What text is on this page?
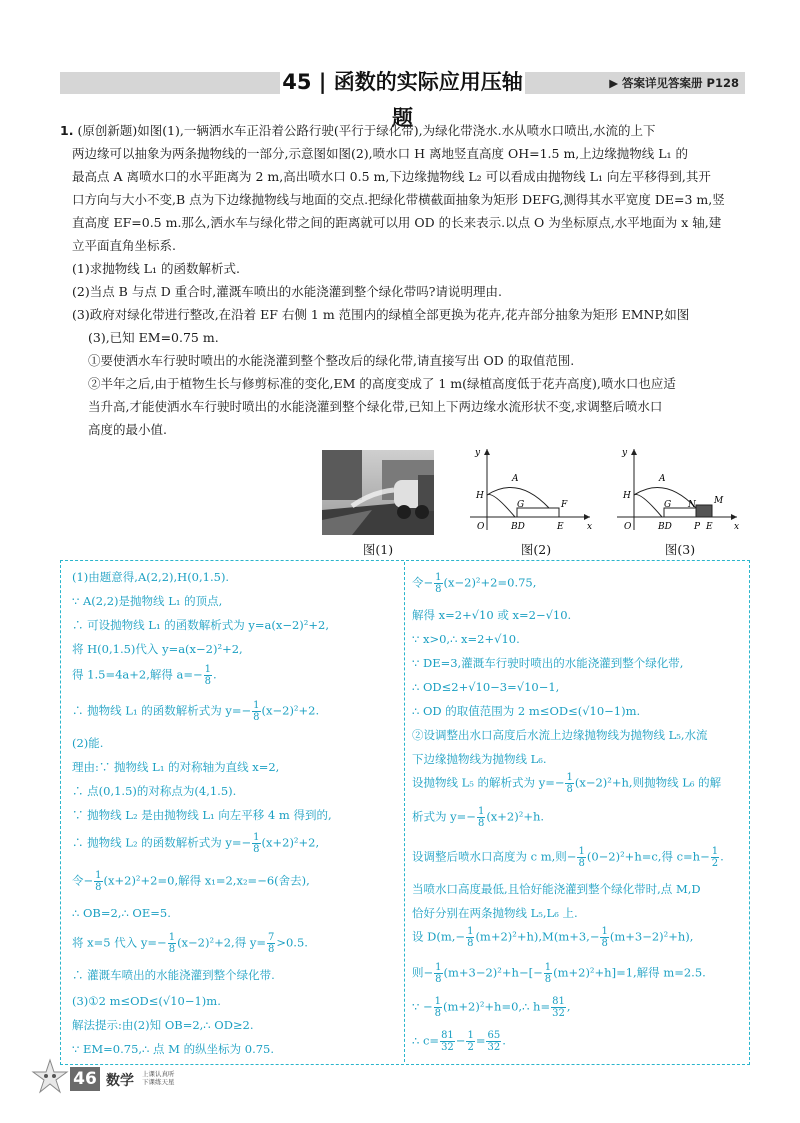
45 | 函数的实际应用压轴题
▶ 答案详见答案册 P128
1. (原创新题)如图(1),一辆洒水车正沿着公路行驶(平行于绿化带),为绿化带浇水.水从喷水口喷出,水流的上下
两边缘可以抽象为两条抛物线的一部分,示意图如图(2),喷水口 H 离地竖直高度 OH=1.5 m,上边缘抛物线 L₁ 的
最高点 A 离喷水口的水平距离为 2 m,高出喷水口 0.5 m,下边缘抛物线 L₂ 可以看成由抛物线 L₁ 向左平移得到,其开
口方向与大小不变,B 点为下边缘抛物线与地面的交点.把绿化带横截面抽象为矩形 DEFG,测得其水平宽度 DE=3 m,竖
直高度 EF=0.5 m.那么,洒水车与绿化带之间的距离就可以用 OD 的长来表示.以点 O 为坐标原点,水平地面为 x 轴,建
立平面直角坐标系.
(1)求抛物线 L₁ 的函数解析式.
(2)当点 B 与点 D 重合时,灌溉车喷出的水能浇灌到整个绿化带吗?请说明理由.
(3)政府对绿化带进行整改,在沿着 EF 右侧 1 m 范围内的绿植全部更换为花卉,花卉部分抽象为矩形 EMNP,如图
(3),已知 EM=0.75 m.
①要使洒水车行驶时喷出的水能浇灌到整个整改后的绿化带,请直接写出 OD 的取值范围.
②半年之后,由于植物生长与修剪标准的变化,EM 的高度变成了 1 m(绿植高度低于花卉高度),喷水口也应适
当升高,才能使洒水车行驶时喷出的水能浇灌到整个绿化带,已知上下两边缘水流形状不变,求调整后喷水口
高度的最小值.
图(1)
y
x
O
H
A
G	F
BD	E
图(2)
y
x
O
H
A
G N M
BD P E
图(3)
(1)由题意得,A(2,2),H(0,1.5).
∵ A(2,2)是抛物线 L₁ 的顶点,
∴ 可设抛物线 L₁ 的函数解析式为 y=a(x−2)²+2,
将 H(0,1.5)代入 y=a(x−2)²+2,
得 1.5=4a+2,解得 $a=- \frac{1}{8}$ .
∴ 抛物线 L₁ 的函数解析式为 $y=- \frac{1}{8} (x-2)^2+2$.
(2)能.
理由:∵ 抛物线 L₁ 的对称轴为直线 x=2,
∴ 点(0,1.5)的对称点为(4,1.5).
∵ 抛物线 L₂ 是由抛物线 L₁ 向左平移 4 m 得到的,
∴ 抛物线 L₂ 的函数解析式为 $y=- \frac{1}{8} (x+2)^2+2$,
令− $\frac{1}{8} (x+2)^2+2=0$,解得 x₁=2,x₂=−6(舍去),
∴ OB=2,∴ OE=5.
将 x=5 代入 $y=- \frac{1}{8} (x-2)^2+2$,得 $y= \frac{7}{8} >0.5$.
∴ 灌溉车喷出的水能浇灌到整个绿化带.
(3)①2 m≤OD≤(√10−1)m.
解法提示:由(2)知 OB=2,∴ OD≥2.
∵ EM=0.75,∴ 点 M 的纵坐标为 0.75.
令− $\frac{1}{8} (x-2)^2+2=0.75$,
解得 x=2+√10 或 x=2−√10.
∵ x>0,∴ x=2+√10.
∵ DE=3,灌溉车行驶时喷出的水能浇灌到整个绿化带,
∴ OD≤2+√10−3=√10−1,
∴ OD 的取值范围为 2 m≤OD≤(√10−1)m.
②设调整出水口高度后水流上边缘抛物线为抛物线 L₅,水流
下边缘抛物线为抛物线 L₆.
设抛物线 L₅ 的解析式为 $y=- \frac{1}{8} (x-2)^2+h$,则抛物线 L₆ 的解
析式为 $y=- \frac{1}{8} (x+2)^2+h$.
设调整后喷水口高度为 c m,则− $\frac{1}{8} (0-2)^2+h=c$,得 $c=h- \frac{1}{2}$ .
当喷水口高度最低,且恰好能浇灌到整个绿化带时,点 M,D
恰好分别在两条抛物线 L₅,L₆ 上.
设 $D(m,- \frac{1}{8} (m+2)^2+h),M(m+3,- \frac{1}{8} (m+3-2)^2+h)$,
则− $\frac{1}{8} (m+3-2)^2+h-[- \frac{1}{8} (m+2)^2+h]=1$,解得 m=2.5.
∵ − $\frac{1}{8}$ (m+2)²+h=0,∴ $h= \frac{81}{32}$ ,
∴ $c= \frac{81}{32} - \frac{1}{2} = \frac{65}{32}$ .
46 数学 上课认真听 下课练天星
